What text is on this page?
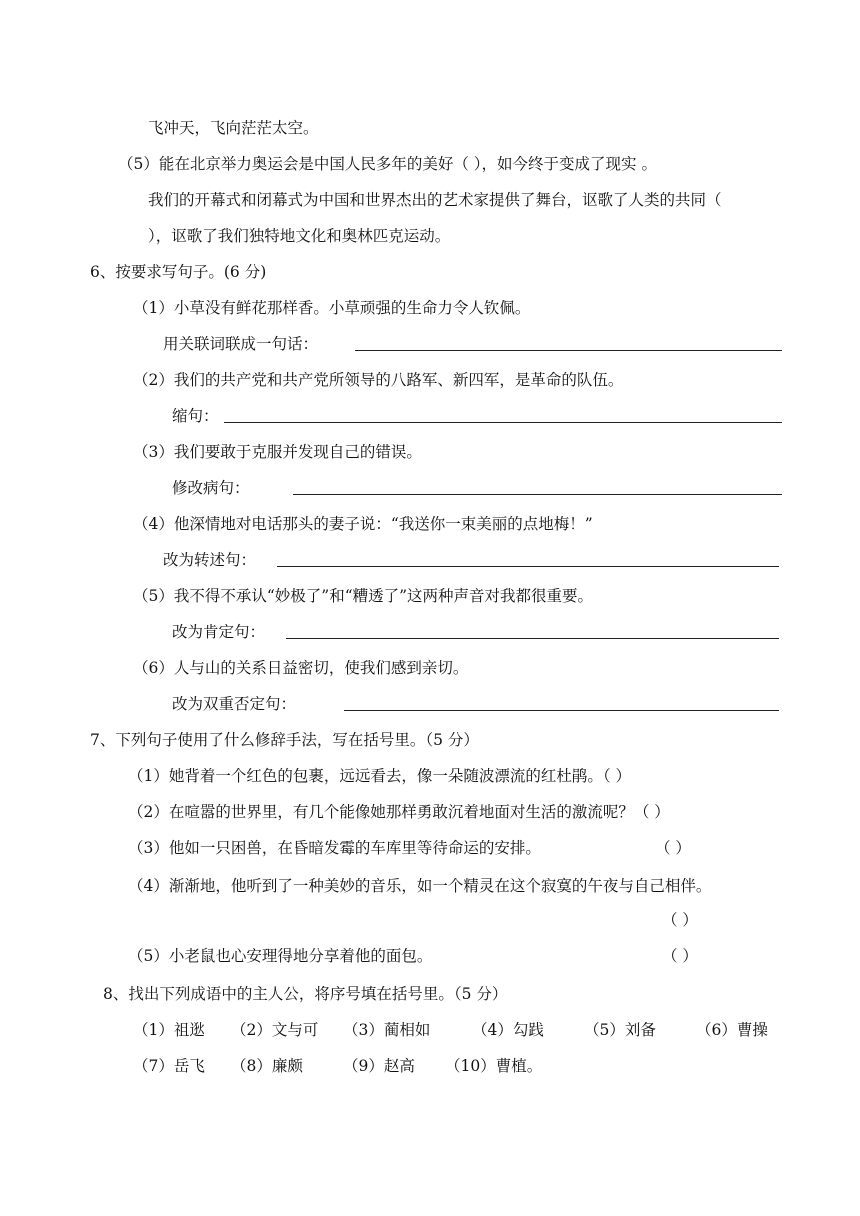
飞冲天，飞向茫茫太空。
（5）能在北京举力奥运会是中国人民多年的美好（ ），如今终于变成了现实 。
我们的开幕式和闭幕式为中国和世界杰出的艺术家提供了舞台，讴歌了人类的共同（
），讴歌了我们独特地文化和奥林匹克运动。
6、按要求写句子。(6 分)
（1）小草没有鲜花那样香。小草顽强的生命力令人钦佩。
用关联词联成一句话：
（2）我们的共产党和共产党所领导的八路军、新四军，是革命的队伍。
缩句：
（3）我们要敢于克服并发现自己的错误。
修改病句：
（4）他深情地对电话那头的妻子说：“我送你一束美丽的点地梅！”
改为转述句：
（5）我不得不承认“妙极了”和“糟透了”这两种声音对我都很重要。
改为肯定句：
（6）人与山的关系日益密切，使我们感到亲切。
改为双重否定句：
7、下列句子使用了什么修辞手法，写在括号里。（5 分）
（1）她背着一个红色的包裹，远远看去，像一朵随波漂流的红杜鹃。（ ）
（2）在喧嚣的世界里，有几个能像她那样勇敢沉着地面对生活的激流呢？（ ）
（3）他如一只困兽，在昏暗发霉的车库里等待命运的安排。	（ ）
（4）渐渐地，他听到了一种美妙的音乐，如一个精灵在这个寂寞的午夜与自己相伴。
（ ）
（5）小老鼠也心安理得地分享着他的面包。	（ ）
8、找出下列成语中的主人公，将序号填在括号里。（5 分）
（1）祖逖 （2）文与可 （3）蔺相如	（4）勾践	（5）刘备	（6）曹操
（7）岳飞 （8）廉颇	（9）赵高 （10）曹植。
